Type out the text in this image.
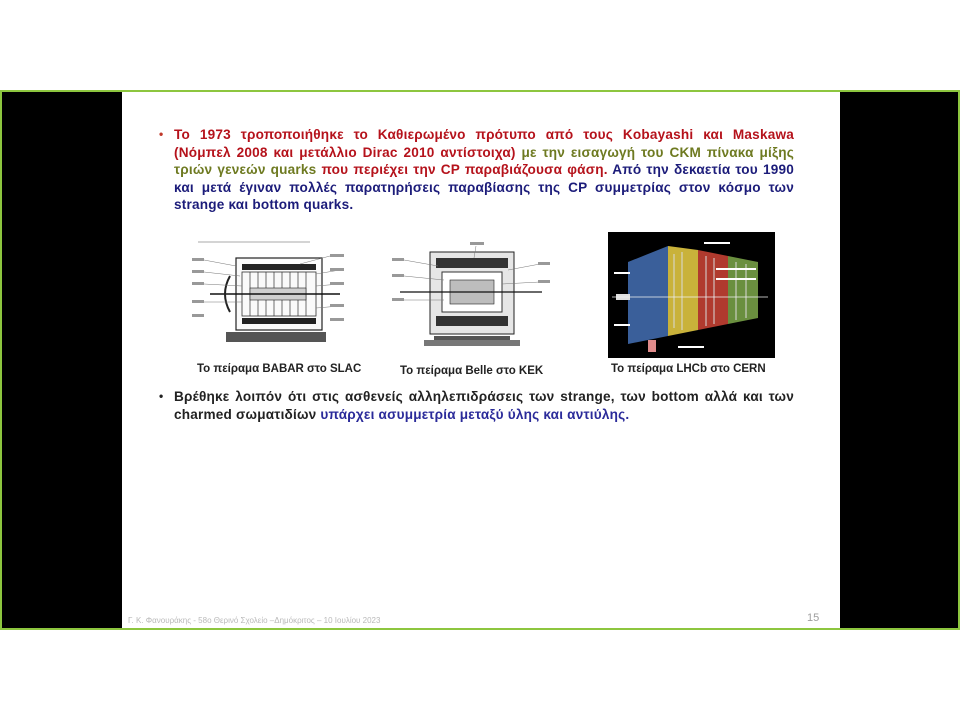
• Το 1973 τροποποιήθηκε το Καθιερωμένο πρότυπο από τους Kobayashi και Maskawa (Νόμπελ 2008 και μετάλλιο Dirac 2010 αντίστοιχα) με την εισαγωγή του CKM πίνακα μίξης τριών γενεών quarks που περιέχει την CP παραβιάζουσα φάση. Από την δεκαετία του 1990 και μετά έγιναν πολλές παρατηρήσεις παραβίασης της CP συμμετρίας στον κόσμο των strange και bottom quarks.
Το πείραμα BABAR στο SLAC	Το πείραμα Belle στο KEK	Το πείραμα LHCb στο CERN
• Βρέθηκε λοιπόν ότι στις ασθενείς αλληλεπιδράσεις των strange, των bottom αλλά και των charmed σωματιδίων υπάρχει ασυμμετρία μεταξύ ύλης και αντιύλης.
Γ. Κ. Φανουράκης - 58ο Θερινό Σχολείο –Δημόκριτος – 10 Ιουλίου 2023	15
